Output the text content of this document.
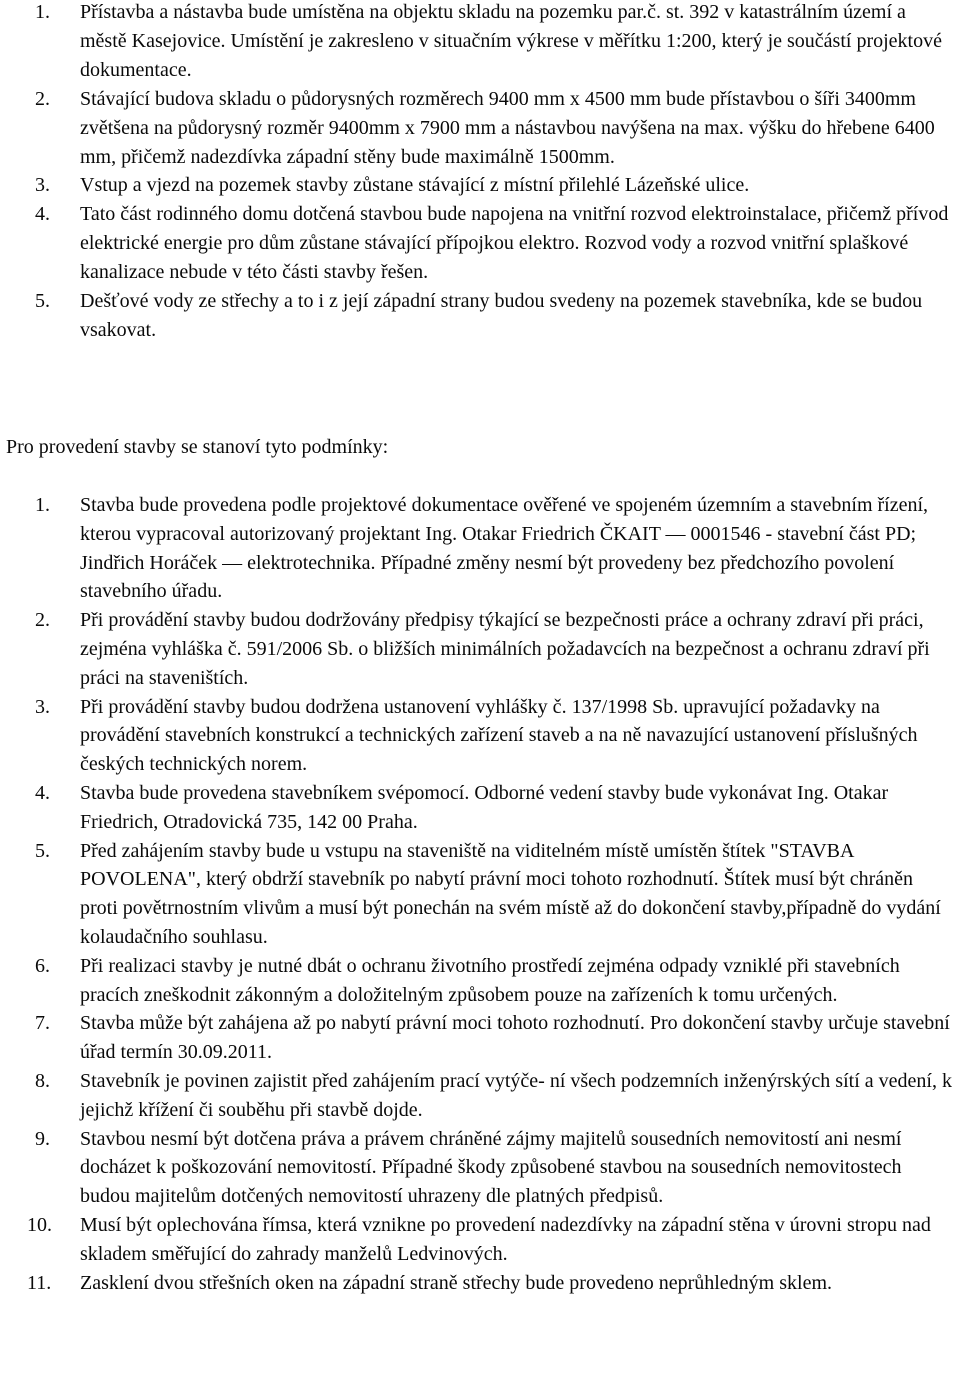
1. Přístavba a nástavba bude umístěna na objektu skladu na pozemku par.č. st. 392 v katastrálním území a městě Kasejovice. Umístění je zakresleno v situačním výkrese v měřítku 1:200, který je součástí projektové dokumentace.
2. Stávající budova skladu o půdorysných rozměrech 9400 mm x 4500 mm bude přístavbou o šíři 3400mm zvětšena na půdorysný rozměr 9400mm x 7900 mm a nástavbou navýšena na max. výšku do hřebene 6400 mm, přičemž nadezdívka západní stěny bude maximálně 1500mm.
3. Vstup a vjezd na pozemek stavby zůstane stávající z místní přilehlé Lázeňské ulice.
4. Tato část rodinného domu dotčená stavbou bude napojena na vnitřní rozvod elektroinstalace, přičemž přívod elektrické energie pro dům zůstane stávající přípojkou elektro. Rozvod vody a rozvod vnitřní splaškové kanalizace nebude v této části stavby řešen.
5. Dešťové vody ze střechy a to i z její západní strany budou svedeny na pozemek stavebníka, kde se budou vsakovat.

Pro provedení stavby se stanoví tyto podmínky:

1. Stavba bude provedena podle projektové dokumentace ověřené ve spojeném územním a stavebním řízení, kterou vypracoval autorizovaný projektant Ing. Otakar Friedrich ČKAIT — 0001546 - stavební část PD; Jindřich Horáček — elektrotechnika. Případné změny nesmí být provedeny bez předchozího povolení stavebního úřadu.
2. Při provádění stavby budou dodržovány předpisy týkající se bezpečnosti práce a ochrany zdraví při práci, zejména vyhláška č. 591/2006 Sb. o bližších minimálních požadavcích na bezpečnost a ochranu zdraví při práci na staveništích.
3. Při provádění stavby budou dodržena ustanovení vyhlášky č. 137/1998 Sb. upravující požadavky na provádění stavebních konstrukcí a technických zařízení staveb a na ně navazující ustanovení příslušných českých technických norem.
4. Stavba bude provedena stavebníkem svépomocí. Odborné vedení stavby bude vykonávat Ing. Otakar Friedrich, Otradovická 735, 142 00 Praha.
5. Před zahájením stavby bude u vstupu na staveniště na viditelném místě umístěn štítek "STAVBA POVOLENA", který obdrží stavebník po nabytí právní moci tohoto rozhodnutí. Štítek musí být chráněn proti povětrnostním vlivům a musí být ponechán na svém místě až do dokončení stavby,případně do vydání kolaudačního souhlasu.
6. Při realizaci stavby je nutné dbát o ochranu životního prostředí zejména odpady vzniklé při stavebních pracích zneškodnit zákonným a doložitelným způsobem pouze na zařízeních k tomu určených.
7. Stavba může být zahájena až po nabytí právní moci tohoto rozhodnutí. Pro dokončení stavby určuje stavební úřad termín 30.09.2011.
8. Stavebník je povinen zajistit před zahájením prací vytýče- ní všech podzemních inženýrských sítí a vedení, k jejichž křížení či souběhu při stavbě dojde.
9. Stavbou nesmí být dotčena práva a právem chráněné zájmy majitelů sousedních nemovitostí ani nesmí docházet k poškozování nemovitostí. Případné škody způsobené stavbou na sousedních nemovitostech budou majitelům dotčených nemovitostí uhrazeny dle platných předpisů.
10. Musí být oplechována římsa, která vznikne po provedení nadezdívky na západní stěna v úrovni stropu nad skladem směřující do zahrady manželů Ledvinových.
11. Zasklení dvou střešních oken na západní straně střechy bude provedeno neprůhledným sklem.
